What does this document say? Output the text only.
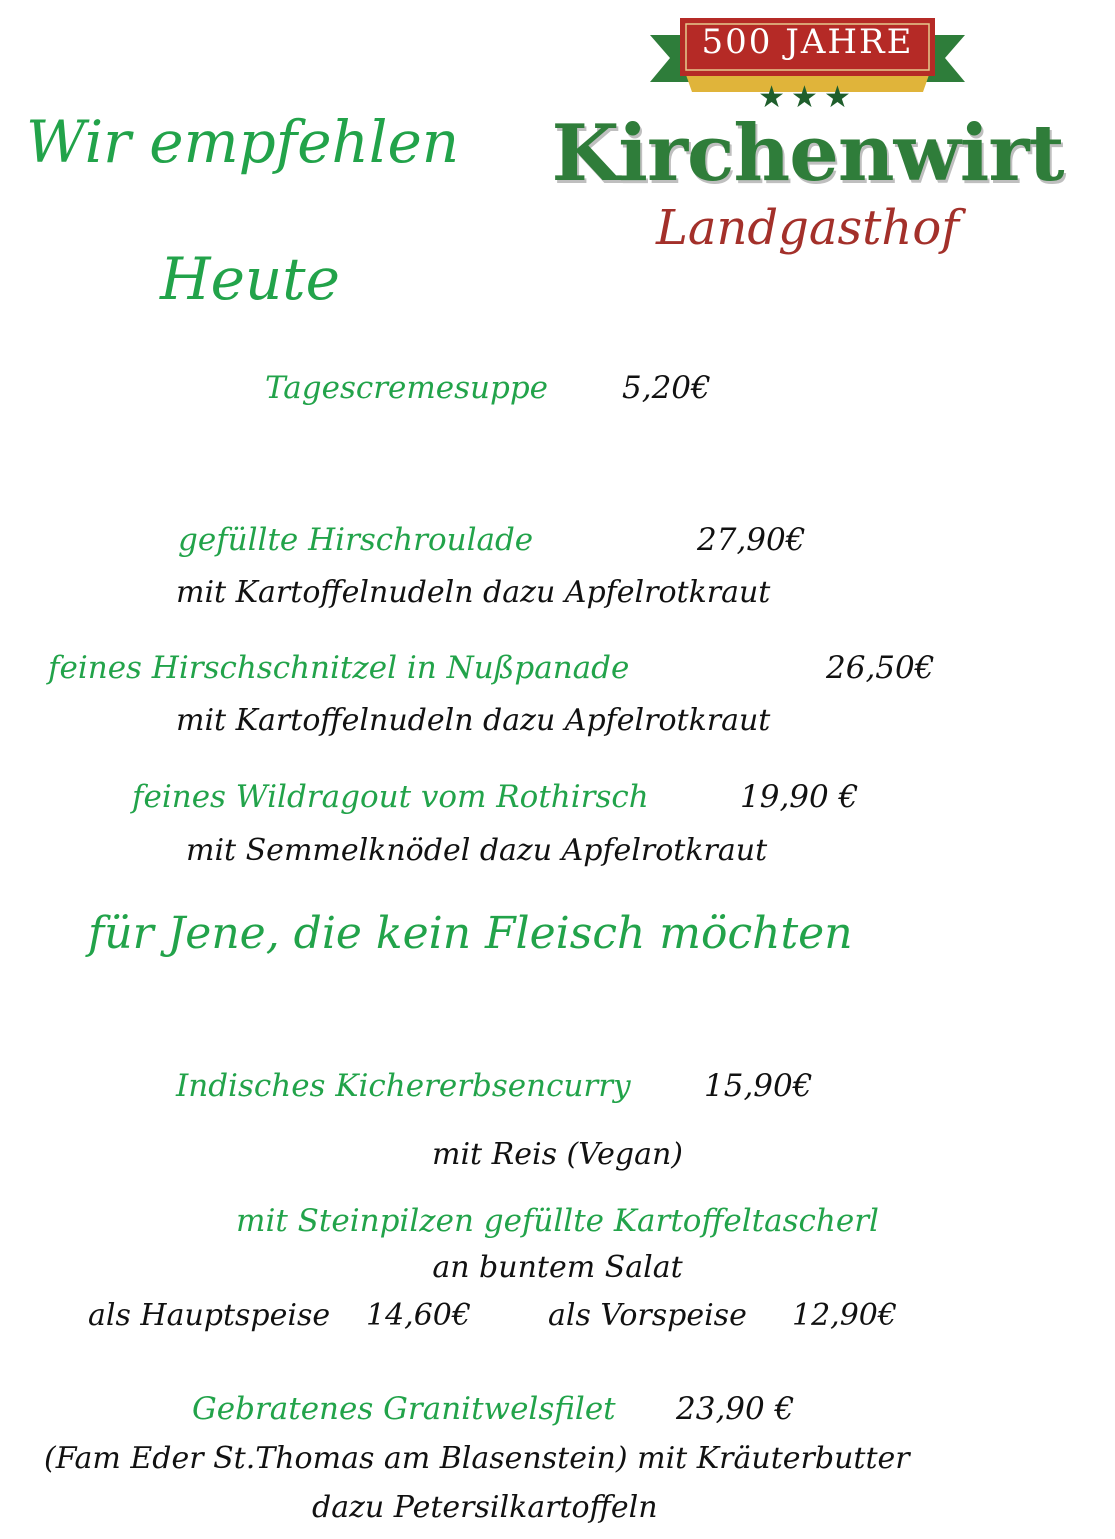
Wir empfehlen
Heute
500 JAHRE
★★★
Kirchenwirt
Landgasthof
Tagescremesuppe 5,20€
gefüllte Hirschroulade	27,90€
mit Kartoffelnudeln dazu Apfelrotkraut
feines Hirschschnitzel in Nußpanade	26,50€
mit Kartoffelnudeln dazu Apfelrotkraut
feines Wildragout vom Rothirsch	19,90 €
mit Semmelknödel dazu Apfelrotkraut
für Jene, die kein Fleisch möchten
Indisches Kichererbsencurry 15,90€
mit Reis (Vegan)
mit Steinpilzen gefüllte Kartoffeltascherl
an buntem Salat
als Hauptspeise 14,60€	als Vorspeise 12,90€
Gebratenes Granitwelsfilet 23,90 €
(Fam Eder St.Thomas am Blasenstein) mit Kräuterbutter
dazu Petersilkartoffeln
